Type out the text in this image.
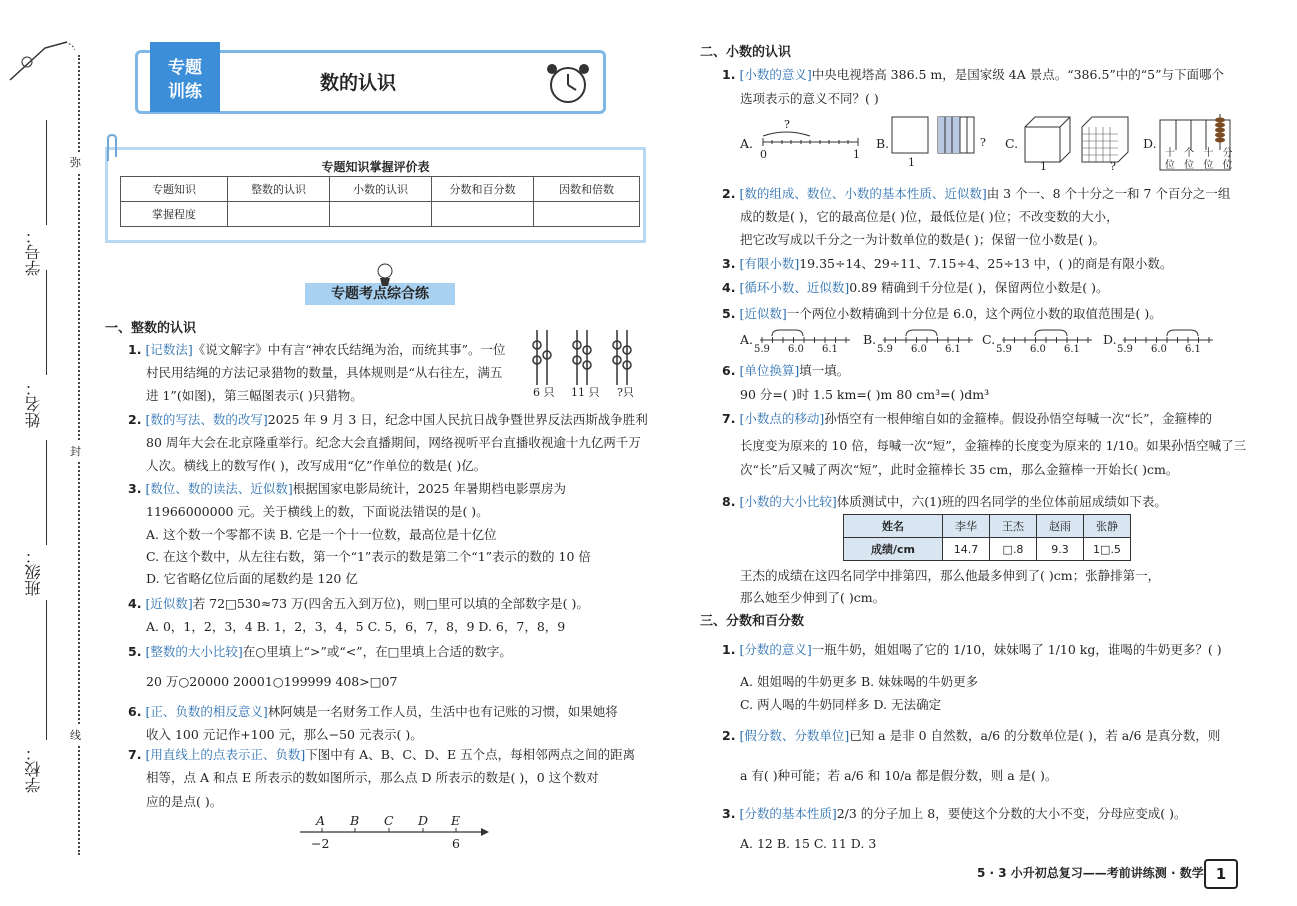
学号：
姓名：
班级：
学校：
弥
封
线
专题
训练	数的认识
专题知识掌握评价表
专题知识	整数的认识	小数的认识	分数和百分数	因数和倍数
掌握程度				
专题考点综合练
一、整数的认识
1. [记数法]《说文解字》中有言“神农氏结绳为治，而统其事”。一位
村民用结绳的方法记录猎物的数量，具体规则是“从右往左，满五
进 1”(如图)，第三幅图表示( )只猎物。
2. [数的写法、数的改写]2025 年 9 月 3 日，纪念中国人民抗日战争暨世界反法西斯战争胜利
80 周年大会在北京隆重举行。纪念大会直播期间，网络视听平台直播收视逾十九亿两千万
人次。横线上的数写作( )，改写成用“亿”作单位的数是( )亿。
3. [数位、数的读法、近似数]根据国家电影局统计，2025 年暑期档电影票房为
11966000000 元。关于横线上的数，下面说法错误的是( )。
A. 这个数一个零都不读 B. 它是一个十一位数，最高位是十亿位
C. 在这个数中，从左往右数，第一个“1”表示的数是第二个“1”表示的数的 10 倍
D. 它省略亿位后面的尾数约是 120 亿
4. [近似数]若 72□530≈73 万(四舍五入到万位)，则□里可以填的全部数字是( )。
A. 0，1，2，3，4 B. 1，2，3，4，5 C. 5，6，7，8，9 D. 6，7，8，9
5. [整数的大小比较]在○里填上“>”或“<”，在□里填上合适的数字。
20 万○20000 20001○199999 408>□07
6. [正、负数的相反意义]林阿姨是一名财务工作人员，生活中也有记账的习惯，如果她将
收入 100 元记作+100 元，那么−50 元表示( )。
7. [用直线上的点表示正、负数]下图中有 A、B、C、D、E 五个点，每相邻两点之间的距离
相等，点 A 和点 E 所表示的数如图所示，那么点 D 所表示的数是( )，0 这个数对
应的是点( )。
6 只 11 只 ?只
A B C D E
−2	6
二、小数的认识
1. [小数的意义]中央电视塔高 386.5 m，是国家级 4A 景点。“386.5”中的“5”与下面哪个
选项表示的意义不同？( )
2. [数的组成、数位、小数的基本性质、近似数]由 3 个一、8 个十分之一和 7 个百分之一组
成的数是( )，它的最高位是( )位，最低位是( )位；不改变数的大小，
把它改写成以千分之一为计数单位的数是( )；保留一位小数是( )。
3. [有限小数]19.35÷14、29÷11、7.15÷4、25÷13 中，( )的商是有限小数。
4. [循环小数、近似数]0.89 精确到千分位是( )，保留两位小数是( )。
5. [近似数]一个两位小数精确到十分位是 6.0，这个两位小数的取值范围是( )。
6. [单位换算]填一填。
90 分=( )时 1.5 km=( )m 80 cm³=( )dm³
7. [小数点的移动]孙悟空有一根伸缩自如的金箍棒。假设孙悟空每喊一次“长”，金箍棒的
长度变为原来的 10 倍，每喊一次“短”，金箍棒的长度变为原来的 1/10。如果孙悟空喊了三
次“长”后又喊了两次“短”，此时金箍棒长 35 cm，那么金箍棒一开始长( )cm。
8. [小数的大小比较]体质测试中，六(1)班的四名同学的坐位体前屈成绩如下表。
王杰的成绩在这四名同学中排第四，那么他最多伸到了( )cm；张静排第一，
那么她至少伸到了( )cm。
A.
0	1
?
B.
1
? C.
1	?
D.
十 个 十 分
位 位 位 位
A.
5.9 6.0 6.1
B.
5.9 6.0 6.1
C.
5.9 6.0 6.1
D.
5.9 6.0 6.1
姓名	李华	王杰	赵雨	张静
成绩/cm	14.7	□.8	9.3	1□.5
三、分数和百分数
1. [分数的意义]一瓶牛奶，姐姐喝了它的 1/10，妹妹喝了 1/10 kg，谁喝的牛奶更多？( )
A. 姐姐喝的牛奶更多 B. 妹妹喝的牛奶更多
C. 两人喝的牛奶同样多 D. 无法确定
2. [假分数、分数单位]已知 a 是非 0 自然数，a/6 的分数单位是( )，若 a/6 是真分数，则
a 有( )种可能；若 a/6 和 10/a 都是假分数，则 a 是( )。
3. [分数的基本性质]2/3 的分子加上 8，要使这个分数的大小不变，分母应变成( )。
A. 12 B. 15 C. 11 D. 3
5 · 3 小升初总复习——考前讲练测 · 数学 1
